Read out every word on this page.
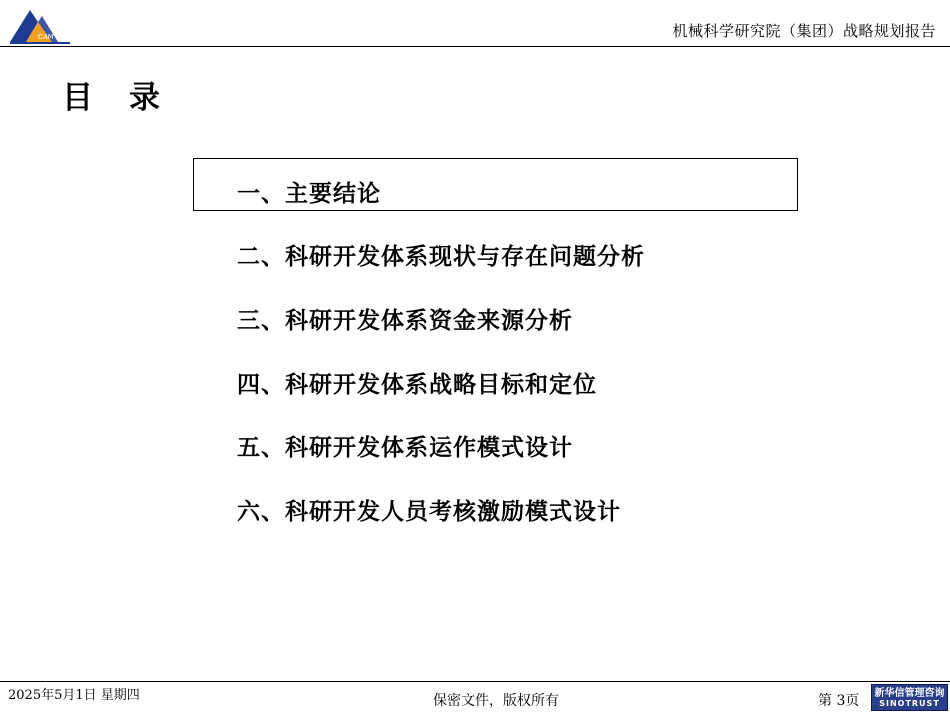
CAM	机械科学研究院（集团）战略规划报告
目录
一、主要结论
二、科研开发体系现状与存在问题分析
三、科研开发体系资金来源分析
四、科研开发体系战略目标和定位
五、科研开发体系运作模式设计
六、科研开发人员考核激励模式设计
2025年5月1日 星期四	保密文件，版权所有	第 3页 新华信管理咨询
SINOTRUST
